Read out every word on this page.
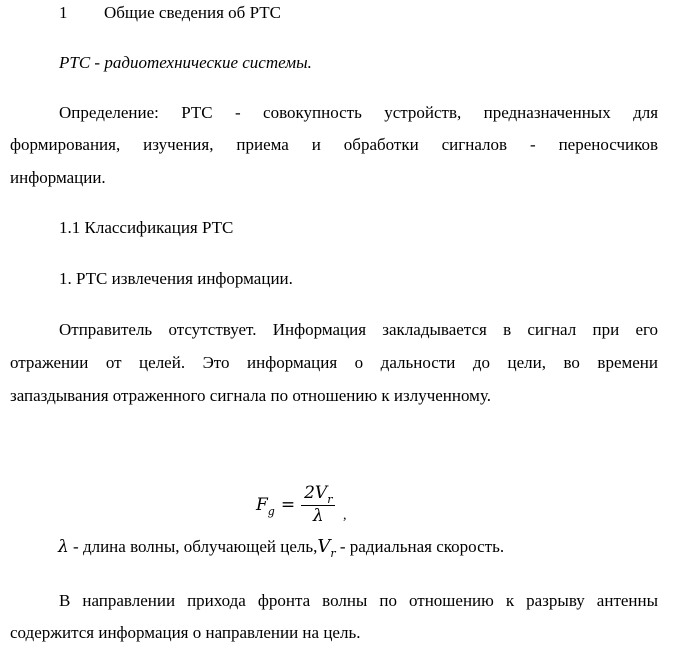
1 Общие сведения об РТС
РТС - радиотехнические системы.
Определение: РТС - совокупность устройств, предназначенных для
формирования, изучения, приема и обработки сигналов - переносчиков
информации.
1.1 Классификация РТС
1. РТС извлечения информации.
Отправитель отсутствует. Информация закладывается в сигнал при его
отражении от целей. Это информация о дальности до цели, во времени
запаздывания отраженного сигнала по отношению к излученному.
$F_g = \frac{2V_r}{\lambda}$ ,
λ - длина волны, облучающей $цель,V_r$ - радиальная скорость.
В направлении прихода фронта волны по отношению к разрыву антенны
содержится информация о направлении на цель.
